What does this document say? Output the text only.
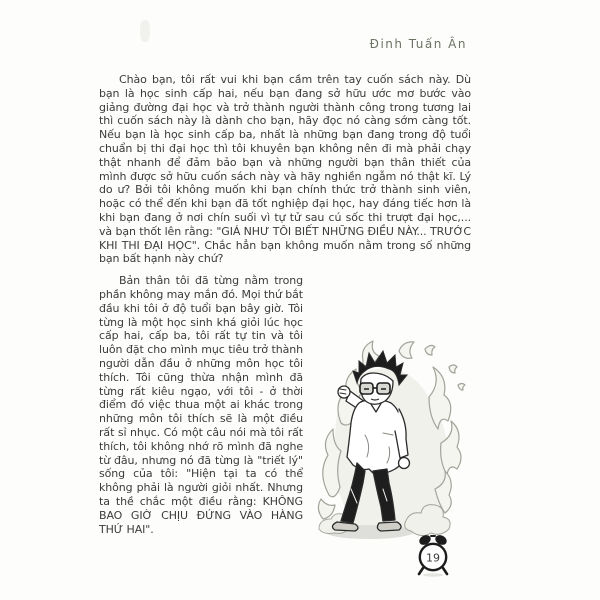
Đinh Tuấn Ân

Chào bạn, tôi rất vui khi bạn cầm trên tay cuốn sách này. Dù bạn là học sinh cấp hai, nếu bạn đang sở hữu ước mơ bước vào giảng đường đại học và trở thành người thành công trong tương lai thì cuốn sách này là dành cho bạn, hãy đọc nó càng sớm càng tốt. Nếu bạn là học sinh cấp ba, nhất là những bạn đang trong độ tuổi chuẩn bị thi đại học thì tôi khuyên bạn không nên đi mà phải chạy thật nhanh để đảm bảo bạn và những người bạn thân thiết của mình được sở hữu cuốn sách này và hãy nghiền ngẫm nó thật kĩ. Lý do ư? Bởi tôi không muốn khi bạn chính thức trở thành sinh viên, hoặc có thể đến khi bạn đã tốt nghiệp đại học, hay đáng tiếc hơn là khi bạn đang ở nơi chín suối vì tự tử sau cú sốc thi trượt đại học,... và bạn thốt lên rằng: "GIÁ NHƯ TÔI BIẾT NHỮNG ĐIỀU NÀY... TRƯỚC KHI THI ĐẠI HỌC". Chắc hẳn bạn không muốn nằm trong số những bạn bất hạnh này chứ?

Bản thân tôi đã từng nằm trong phần không may mắn đó. Mọi thứ bắt đầu khi tôi ở độ tuổi bạn bây giờ. Tôi từng là một học sinh khá giỏi lúc học cấp hai, cấp ba, tôi rất tự tin và tôi luôn đặt cho mình mục tiêu trở thành người dẫn đầu ở những môn học tôi thích. Tôi cũng thừa nhận mình đã từng rất kiêu ngạo, với tôi - ở thời điểm đó việc thua một ai khác trong những môn tôi thích sẽ là một điều rất sỉ nhục. Có một câu nói mà tôi rất thích, tôi không nhớ rõ mình đã nghe từ đâu, nhưng nó đã từng là "triết lý" sống của tôi: "Hiện tại ta có thể không phải là người giỏi nhất. Nhưng ta thề chắc một điều rằng: KHÔNG BAO GIỜ CHỊU ĐỨNG VÀO HÀNG THỨ HAI".

19
